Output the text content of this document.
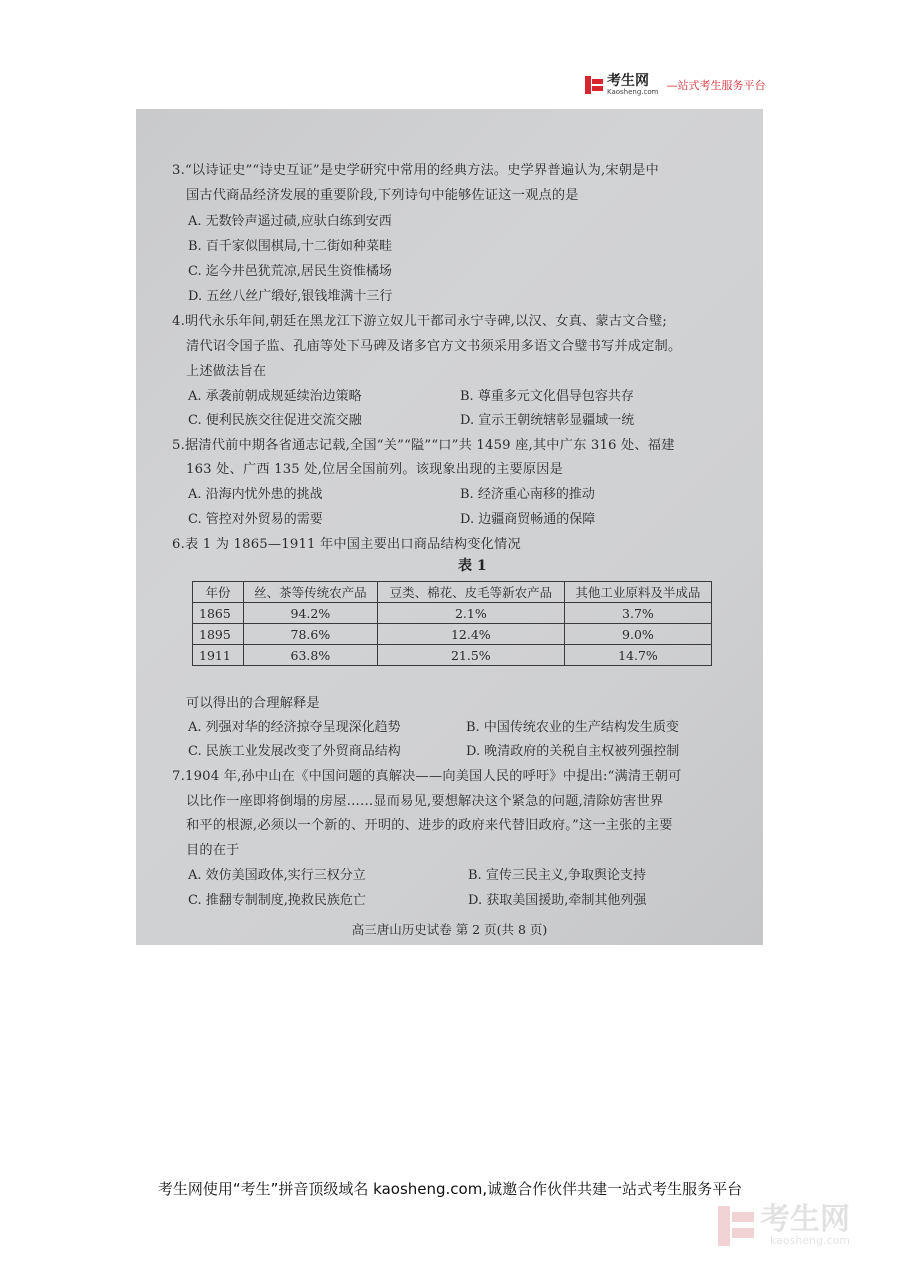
考生网
Kaosheng.com —站式考生服务平台
3.“以诗证史”“诗史互证”是史学研究中常用的经典方法。史学界普遍认为,宋朝是中
国古代商品经济发展的重要阶段,下列诗句中能够佐证这一观点的是
A. 无数铃声遥过碛,应驮白练到安西
B. 百千家似围棋局,十二街如种菜畦
C. 迄今井邑犹荒凉,居民生资惟橘场
D. 五丝八丝广缎好,银钱堆满十三行
4.明代永乐年间,朝廷在黑龙江下游立奴儿干都司永宁寺碑,以汉、女真、蒙古文合璧;
清代诏令国子监、孔庙等处下马碑及诸多官方文书须采用多语文合璧书写并成定制。
上述做法旨在
A. 承袭前朝成规延续治边策略	B. 尊重多元文化倡导包容共存
C. 便利民族交往促进交流交融	D. 宣示王朝统辖彰显疆域一统
5.据清代前中期各省通志记载,全国“关”“隘”“口”共 1459 座,其中广东 316 处、福建
163 处、广西 135 处,位居全国前列。该现象出现的主要原因是
A. 沿海内忧外患的挑战	B. 经济重心南移的推动
C. 管控对外贸易的需要	D. 边疆商贸畅通的保障
6.表 1 为 1865—1911 年中国主要出口商品结构变化情况
表 1
年份	丝、茶等传统农产品	豆类、棉花、皮毛等新农产品	其他工业原料及半成品
1865	94.2%	2.1%	3.7%
1895	78.6%	12.4%	9.0%
1911	63.8%	21.5%	14.7%
可以得出的合理解释是
A. 列强对华的经济掠夺呈现深化趋势	B. 中国传统农业的生产结构发生质变
C. 民族工业发展改变了外贸商品结构	D. 晚清政府的关税自主权被列强控制
7.1904 年,孙中山在《中国问题的真解决——向美国人民的呼吁》中提出:“满清王朝可
以比作一座即将倒塌的房屋……显而易见,要想解决这个紧急的问题,清除妨害世界
和平的根源,必须以一个新的、开明的、进步的政府来代替旧政府。”这一主张的主要
目的在于
A. 效仿美国政体,实行三权分立	B. 宣传三民主义,争取舆论支持
C. 推翻专制制度,挽救民族危亡	D. 获取美国援助,牵制其他列强
高三唐山历史试卷 第 2 页(共 8 页)
考生网使用“考生”拼音顶级域名 kaosheng.com,诚邀合作伙伴共建一站式考生服务平台
考生网
kaosheng.com
